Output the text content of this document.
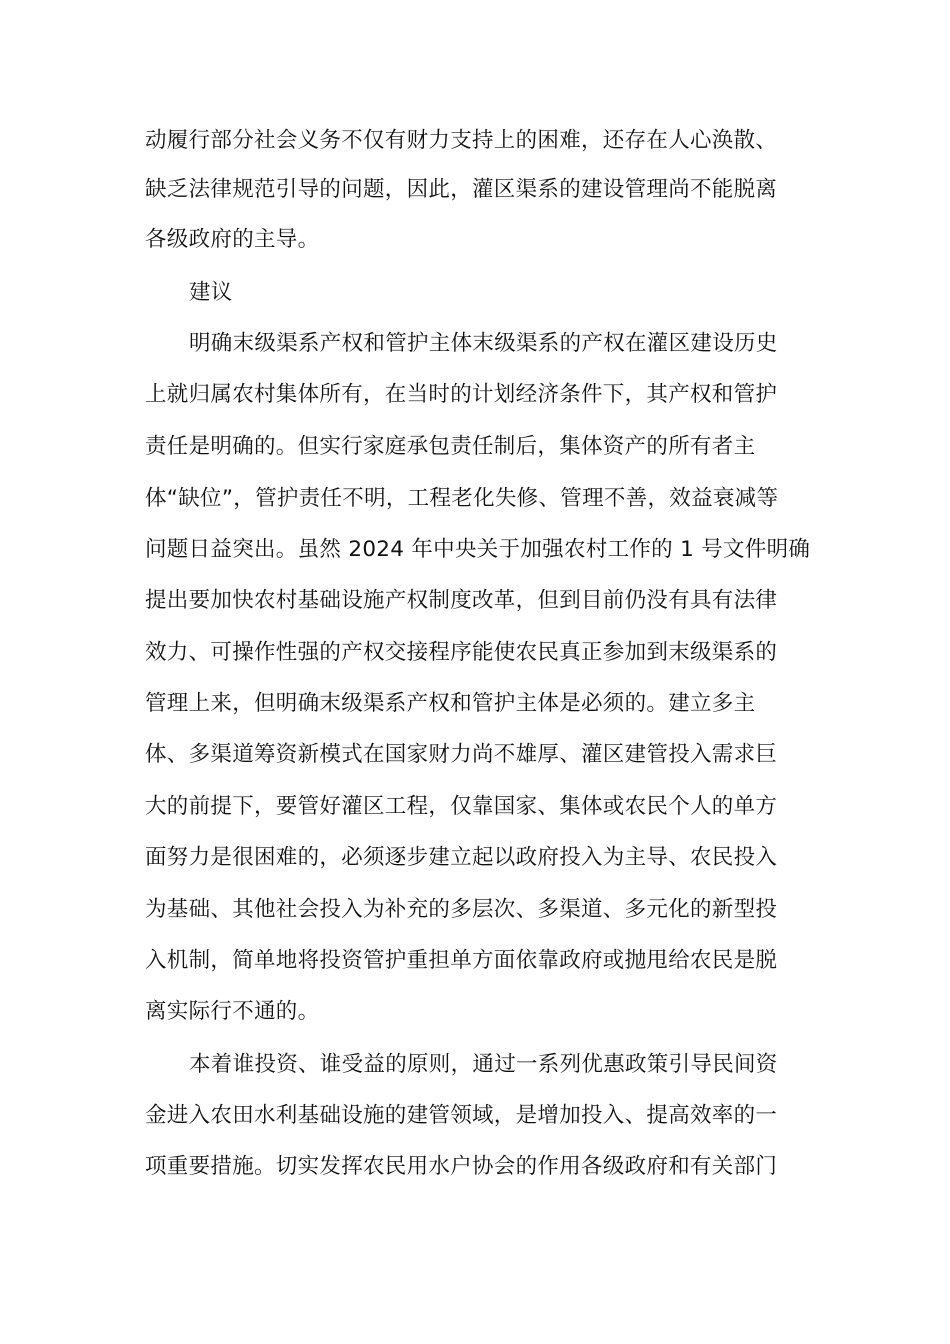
动履行部分社会义务不仅有财力支持上的困难，还存在人心涣散、
缺乏法律规范引导的问题，因此，灌区渠系的建设管理尚不能脱离
各级政府的主导。
建议
明确末级渠系产权和管护主体末级渠系的产权在灌区建设历史
上就归属农村集体所有，在当时的计划经济条件下，其产权和管护
责任是明确的。但实行家庭承包责任制后，集体资产的所有者主
体“缺位”，管护责任不明，工程老化失修、管理不善，效益衰减等
问题日益突出。虽然 2024 年中央关于加强农村工作的 1 号文件明确
提出要加快农村基础设施产权制度改革，但到目前仍没有具有法律
效力、可操作性强的产权交接程序能使农民真正参加到末级渠系的
管理上来，但明确末级渠系产权和管护主体是必须的。建立多主
体、多渠道筹资新模式在国家财力尚不雄厚、灌区建管投入需求巨
大的前提下，要管好灌区工程，仅靠国家、集体或农民个人的单方
面努力是很困难的，必须逐步建立起以政府投入为主导、农民投入
为基础、其他社会投入为补充的多层次、多渠道、多元化的新型投
入机制，简单地将投资管护重担单方面依靠政府或抛甩给农民是脱
离实际行不通的。
本着谁投资、谁受益的原则，通过一系列优惠政策引导民间资
金进入农田水利基础设施的建管领域，是增加投入、提高效率的一
项重要措施。切实发挥农民用水户协会的作用各级政府和有关部门
